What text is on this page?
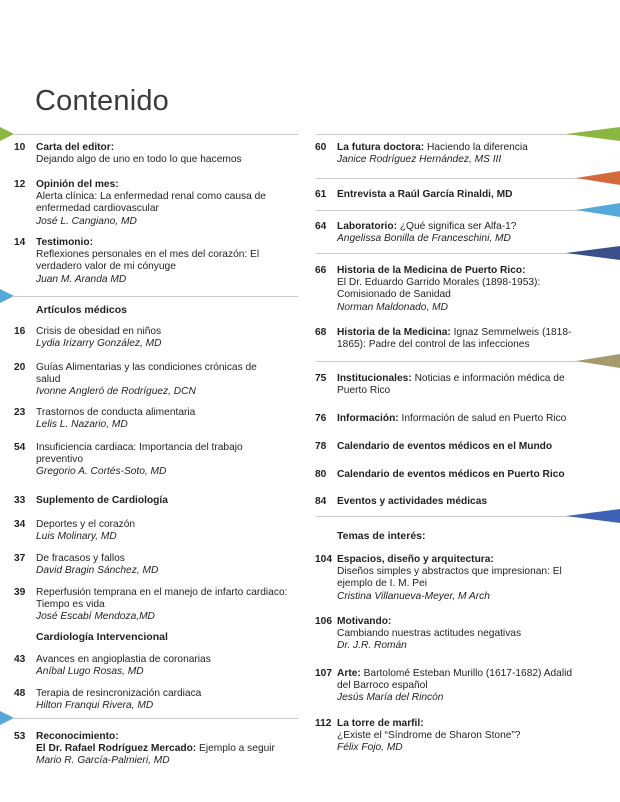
Contenido
10	Carta del editor:
Dejando algo de uno en todo lo que hacemos
12	Opinión del mes:
Alerta clínica: La enfermedad renal como causa de enfermedad cardiovascular
José L. Cangiano, MD
14	Testimonio:
Reflexiones personales en el mes del corazón: El verdadero valor de mi cónyuge
Juan M. Aranda MD
Artículos médicos
16	Crisis de obesidad en niños
Lydia Irizarry González, MD
20	Guías Alimentarias y las condiciones crónicas de salud
Ivonne Angleró de Rodríguez, DCN
23	Trastornos de conducta alimentaria
Lelis L. Nazario, MD
54	Insuficiencia cardiaca: Importancia del trabajo preventivo
Gregorio A. Cortés-Soto, MD
33	Suplemento de Cardiología
34	Deportes y el corazón
Luis Molinary, MD
37	De fracasos y fallos
David Bragin Sánchez, MD
39	Reperfusión temprana en el manejo de infarto cardiaco: Tiempo es vida
José Escabí Mendoza,MD
Cardiología Intervencional
43	Avances en angioplastia de coronarias
Aníbal Lugo Rosas, MD
48	Terapia de resincronización cardiaca
Hilton Franqui Rivera, MD
53	Reconocimiento:
El Dr. Rafael Rodríguez Mercado: Ejemplo a seguir
Mario R. García-Palmieri, MD
60	La futura doctora: Haciendo la diferencia
Janice Rodríguez Hernández, MS III
61	Entrevista a Raúl García Rinaldi, MD
64	Laboratorio: ¿Qué significa ser Alfa-1?
Angelissa Bonilla de Franceschini, MD
66	Historia de la Medicina de Puerto Rico:
El Dr. Eduardo Garrido Morales (1898-1953): Comisionado de Sanidad
Norman Maldonado, MD
68	Historia de la Medicina: Ignaz Semmelweis (1818-1865): Padre del control de las infecciones
75	Institucionales: Noticias e información médica de Puerto Rico
76	Información: Información de salud en Puerto Rico
78	Calendario de eventos médicos en el Mundo
80	Calendario de eventos médicos en Puerto Rico
84	Eventos y actividades médicas
Temas de interés:
104 Espacios, diseño y arquitectura:
Diseños simples y abstractos que impresionan: El ejemplo de I. M. Pei
Cristina Villanueva-Meyer, M Arch
106 Motivando:
Cambiando nuestras actitudes negativas
Dr. J.R. Román
107 Arte: Bartolomé Esteban Murillo (1617-1682) Adalid del Barroco español
Jesús María del Rincón
112 La torre de marfil:
¿Existe el “Síndrome de Sharon Stone”?
Félix Fojo, MD
